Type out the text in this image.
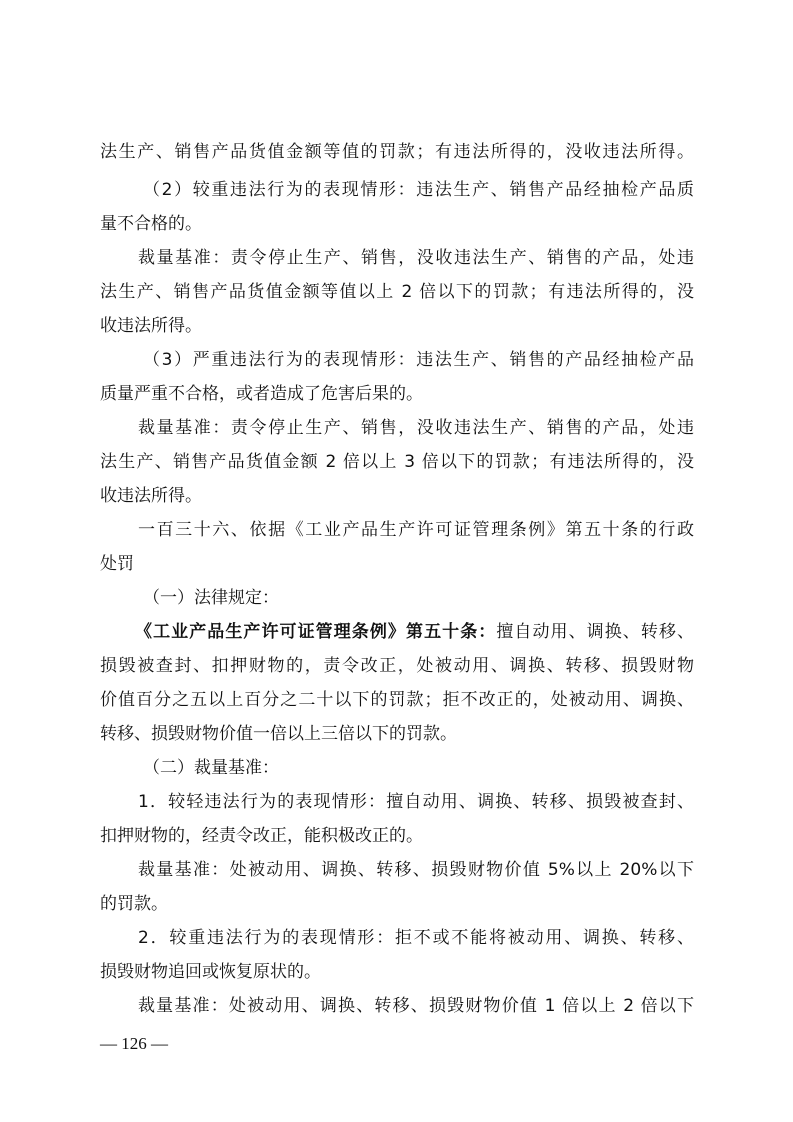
法生产、销售产品货值金额等值的罚款；有违法所得的，没收违法所得。
（2）较重违法行为的表现情形：违法生产、销售产品经抽检产品质
量不合格的。
裁量基准：责令停止生产、销售，没收违法生产、销售的产品，处违
法生产、销售产品货值金额等值以上 2 倍以下的罚款；有违法所得的，没
收违法所得。
（3）严重违法行为的表现情形：违法生产、销售的产品经抽检产品
质量严重不合格，或者造成了危害后果的。
裁量基准：责令停止生产、销售，没收违法生产、销售的产品，处违
法生产、销售产品货值金额 2 倍以上 3 倍以下的罚款；有违法所得的，没
收违法所得。
一百三十六、依据《工业产品生产许可证管理条例》第五十条的行政
处罚
（一）法律规定：
《工业产品生产许可证管理条例》第五十条：擅自动用、调换、转移、
损毁被查封、扣押财物的，责令改正，处被动用、调换、转移、损毁财物
价值百分之五以上百分之二十以下的罚款；拒不改正的，处被动用、调换、
转移、损毁财物价值一倍以上三倍以下的罚款。
（二）裁量基准：
1．较轻违法行为的表现情形：擅自动用、调换、转移、损毁被查封、
扣押财物的，经责令改正，能积极改正的。
裁量基准：处被动用、调换、转移、损毁财物价值 5%以上 20%以下
的罚款。
2．较重违法行为的表现情形：拒不或不能将被动用、调换、转移、
损毁财物追回或恢复原状的。
裁量基准：处被动用、调换、转移、损毁财物价值 1 倍以上 2 倍以下
— 126 —
